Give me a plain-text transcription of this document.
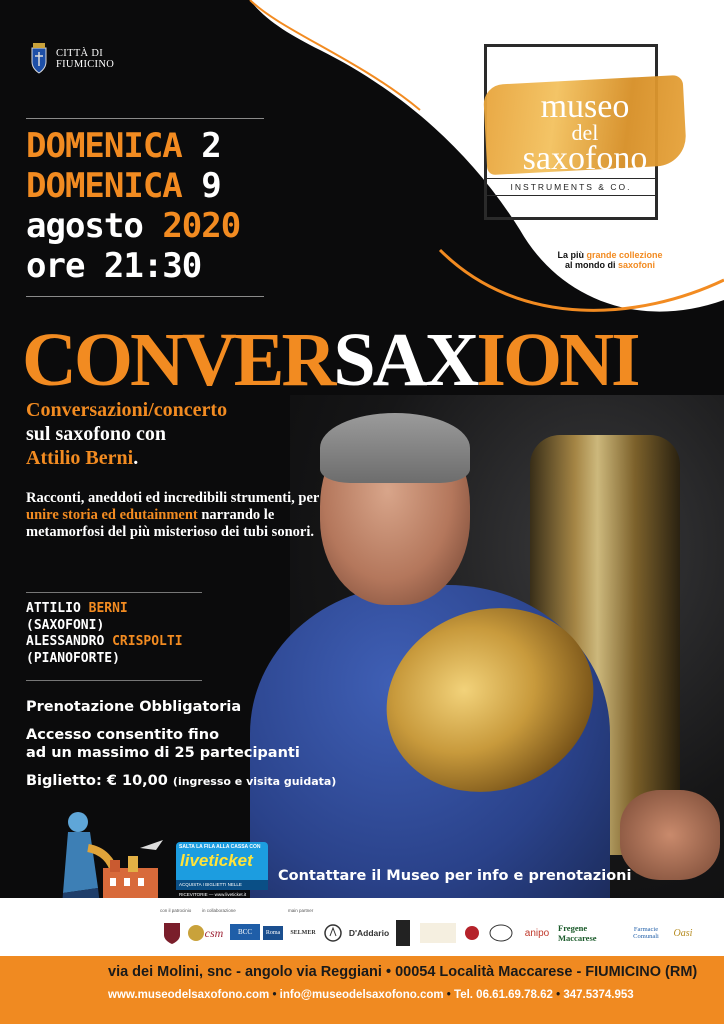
CITTÀ DI
FIUMICINO
DOMENICA 2
DOMENICA 9
agosto 2020
ore 21:30
museo
del
saxofono
INSTRUMENTS & CO.
La più grande collezione
al mondo di saxofoni
CONVERSAXIONI
Conversazioni/concerto
sul saxofono con
Attilio Berni.
Racconti, aneddoti ed incredibili strumenti, per unire storia ed edutainment narrando le metamorfosi del più misterioso dei tubi sonori.
ATTILIO BERNI
(SAXOFONI)
ALESSANDRO CRISPOLTI
(PIANOFORTE)
Prenotazione Obbligatoria
Accesso consentito fino
ad un massimo di 25 partecipanti
Biglietto: € 10,00 (ingresso e visita guidata)
SALTA LA FILA ALLA CASSA CON
liveticket
ACQUISTA I BIGLIETTI NELLE RICEVITORIE — www.liveticket.it
Contattare il Museo per info e prenotazioni
con il patrocinio in collaborazione	main partner
csm	BCC	Roma	SELMER	D'Addario	anipo	Fregene Maccarese
Farmacie Comunali	Oasi
via dei Molini, snc - angolo via Reggiani • 00054 Località Maccarese - FIUMICINO (RM)
www.museodelsaxofono.com • info@museodelsaxofono.com • Tel. 06.61.69.78.62 • 347.5374.953
